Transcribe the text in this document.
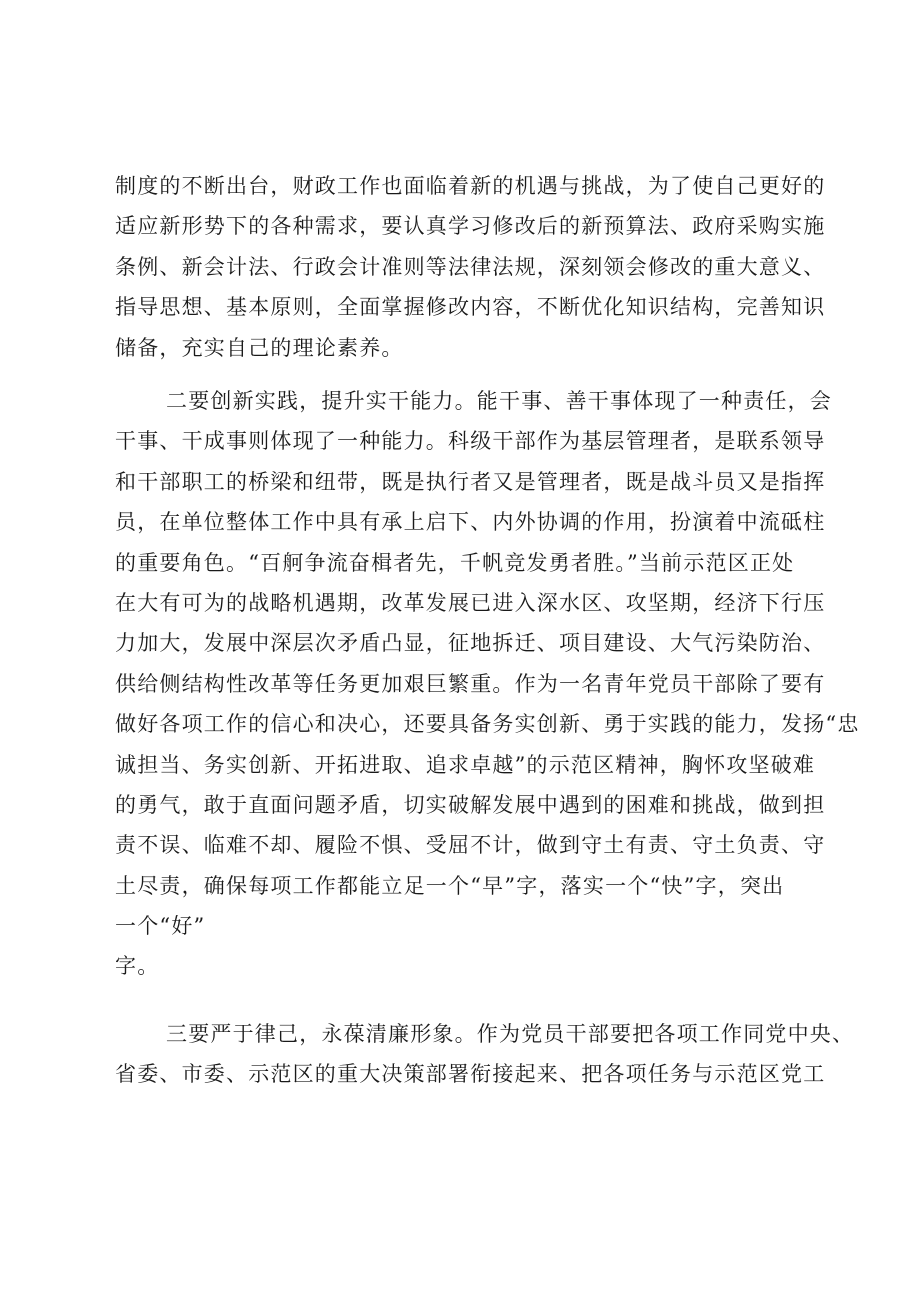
制度的不断出台，财政工作也面临着新的机遇与挑战，为了使自己更好的
适应新形势下的各种需求，要认真学习修改后的新预算法、政府采购实施
条例、新会计法、行政会计准则等法律法规，深刻领会修改的重大意义、
指导思想、基本原则，全面掌握修改内容，不断优化知识结构，完善知识
储备，充实自己的理论素养。
二要创新实践，提升实干能力。能干事、善干事体现了一种责任，会
干事、干成事则体现了一种能力。科级干部作为基层管理者，是联系领导
和干部职工的桥梁和纽带，既是执行者又是管理者，既是战斗员又是指挥
员，在单位整体工作中具有承上启下、内外协调的作用，扮演着中流砥柱
的重要角色。“百舸争流奋楫者先，千帆竞发勇者胜。”当前示范区正处
在大有可为的战略机遇期，改革发展已进入深水区、攻坚期，经济下行压
力加大，发展中深层次矛盾凸显，征地拆迁、项目建设、大气污染防治、
供给侧结构性改革等任务更加艰巨繁重。作为一名青年党员干部除了要有
做好各项工作的信心和决心，还要具备务实创新、勇于实践的能力，发扬“忠
诚担当、务实创新、开拓进取、追求卓越”的示范区精神，胸怀攻坚破难
的勇气，敢于直面问题矛盾，切实破解发展中遇到的困难和挑战，做到担
责不误、临难不却、履险不惧、受屈不计，做到守土有责、守土负责、守
土尽责，确保每项工作都能立足一个“早”字，落实一个“快”字，突出
一个“好”
字。
三要严于律己，永葆清廉形象。作为党员干部要把各项工作同党中央、
省委、市委、示范区的重大决策部署衔接起来、把各项任务与示范区党工
